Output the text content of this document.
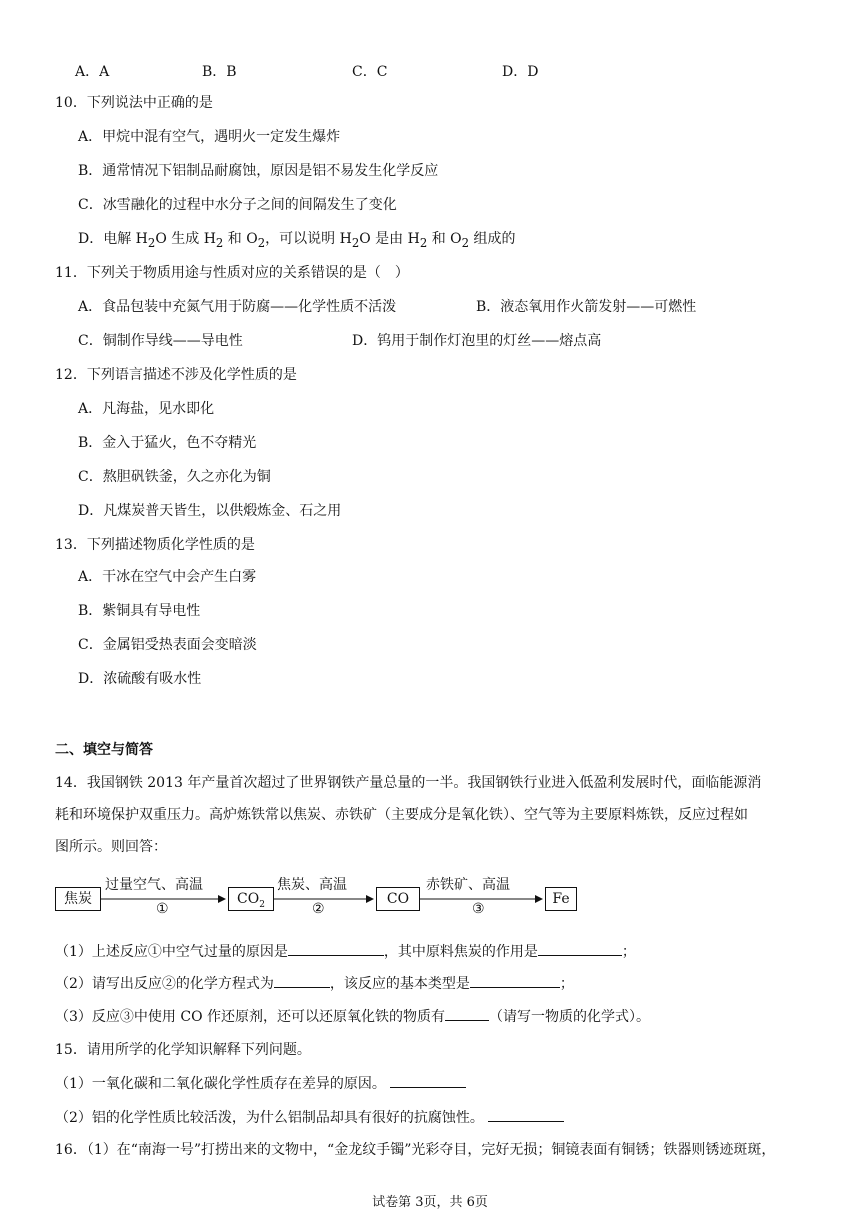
A．A	B．B	C．C	D．D
10．下列说法中正确的是
A．甲烷中混有空气，遇明火一定发生爆炸
B．通常情况下铝制品耐腐蚀，原因是铝不易发生化学反应
C．冰雪融化的过程中水分子之间的间隔发生了变化
D．电解 $H_2O$ 生成 $H_2$ 和 $O_2$，可以说明 $H_2O$ 是由 $H_2$ 和 $O_2$ 组成的
11．下列关于物质用途与性质对应的关系错误的是（　）
A．食品包装中充氮气用于防腐——化学性质不活泼	B．液态氧用作火箭发射——可燃性
C．铜制作导线——导电性	D．钨用于制作灯泡里的灯丝——熔点高
12．下列语言描述不涉及化学性质的是
A．凡海盐，见水即化
B．金入于猛火，色不夺精光
C．熬胆矾铁釜，久之亦化为铜
D．凡煤炭普天皆生，以供煅炼金、石之用
13．下列描述物质化学性质的是
A．干冰在空气中会产生白雾
B．紫铜具有导电性
C．金属铝受热表面会变暗淡
D．浓硫酸有吸水性
二、填空与简答
14．我国钢铁 2013 年产量首次超过了世界钢铁产量总量的一半。我国钢铁行业进入低盈利发展时代，面临能源消
耗和环境保护双重压力。高炉炼铁常以焦炭、赤铁矿（主要成分是氧化铁）、空气等为主要原料炼铁，反应过程如
图所示。则回答：
焦炭	$CO_2$	CO	Fe
过量空气、高温	焦炭、高温	赤铁矿、高温
①	②	③
（1）上述反应①中空气过量的原因是	，其中原料焦炭的作用是	；
（2）请写出反应②的化学方程式为	，该反应的基本类型是	；
（3）反应③中使用 CO 作还原剂，还可以还原氧化铁的物质有	（请写一物质的化学式）。
15．请用所学的化学知识解释下列问题。
（1）一氧化碳和二氧化碳化学性质存在差异的原因。
（2）铝的化学性质比较活泼，为什么铝制品却具有很好的抗腐蚀性。
16．（1）在“南海一号”打捞出来的文物中，“金龙纹手镯”光彩夺目，完好无损；铜镜表面有铜锈；铁器则锈迹斑斑，
试卷第 3页，共 6页
